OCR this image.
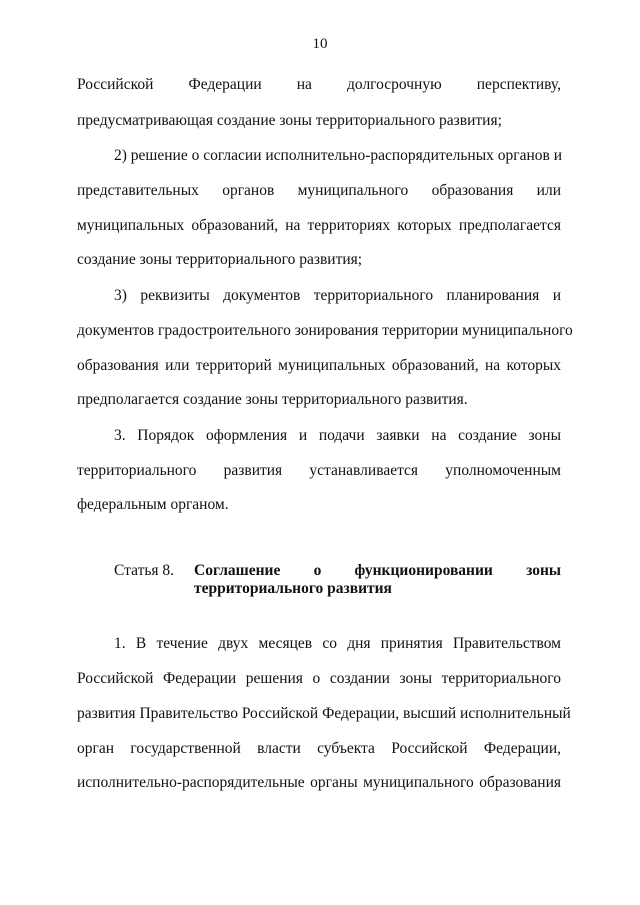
10
Российской Федерации на долгосрочную перспективу,
предусматривающая создание зоны территориального развития;
2) решение о согласии исполнительно-распорядительных органов и
представительных органов муниципального образования или
муниципальных образований, на территориях которых предполагается
создание зоны территориального развития;
3) реквизиты документов территориального планирования и
документов градостроительного зонирования территории муниципального
образования или территорий муниципальных образований, на которых
предполагается создание зоны территориального развития.
3. Порядок оформления и подачи заявки на создание зоны
территориального развития устанавливается уполномоченным
федеральным органом.
Статья 8. Соглашение о функционировании зоны
территориального развития
1. В течение двух месяцев со дня принятия Правительством
Российской Федерации решения о создании зоны территориального
развития Правительство Российской Федерации, высший исполнительный
орган государственной власти субъекта Российской Федерации,
исполнительно-распорядительные органы муниципального образования
